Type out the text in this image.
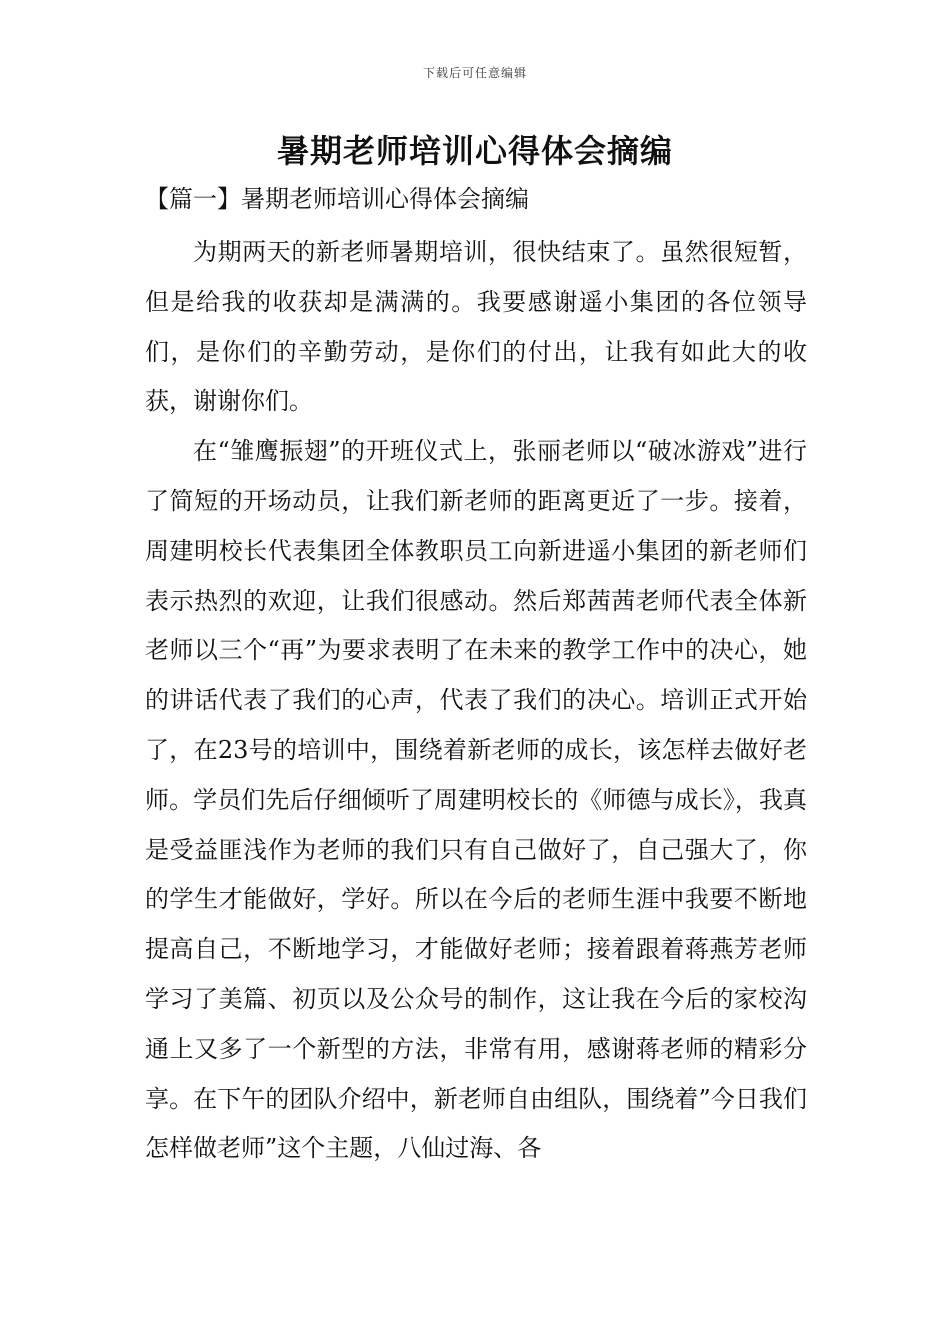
下载后可任意编辑
暑期老师培训心得体会摘编
【篇一】暑期老师培训心得体会摘编

为期两天的新老师暑期培训，很快结束了。虽然很短暂，但是给我的收获却是满满的。我要感谢遥小集团的各位领导们，是你们的辛勤劳动，是你们的付出，让我有如此大的收获，谢谢你们。

在“雏鹰振翅”的开班仪式上，张丽老师以“破冰游戏”进行了简短的开场动员，让我们新老师的距离更近了一步。接着，周建明校长代表集团全体教职员工向新进遥小集团的新老师们表示热烈的欢迎，让我们很感动。然后郑茜茜老师代表全体新老师以三个“再”为要求表明了在未来的教学工作中的决心，她的讲话代表了我们的心声，代表了我们的决心。培训正式开始了，在23号的培训中，围绕着新老师的成长，该怎样去做好老师。学员们先后仔细倾听了周建明校长的《师德与成长》，我真是受益匪浅作为老师的我们只有自己做好了，自己强大了，你的学生才能做好，学好。所以在今后的老师生涯中我要不断地提高自己，不断地学习，才能做好老师；接着跟着蒋燕芳老师学习了美篇、初页以及公众号的制作，这让我在今后的家校沟通上又多了一个新型的方法，非常有用，感谢蒋老师的精彩分享。在下午的团队介绍中，新老师自由组队，围绕着”今日我们怎样做老师”这个主题，八仙过海、各
